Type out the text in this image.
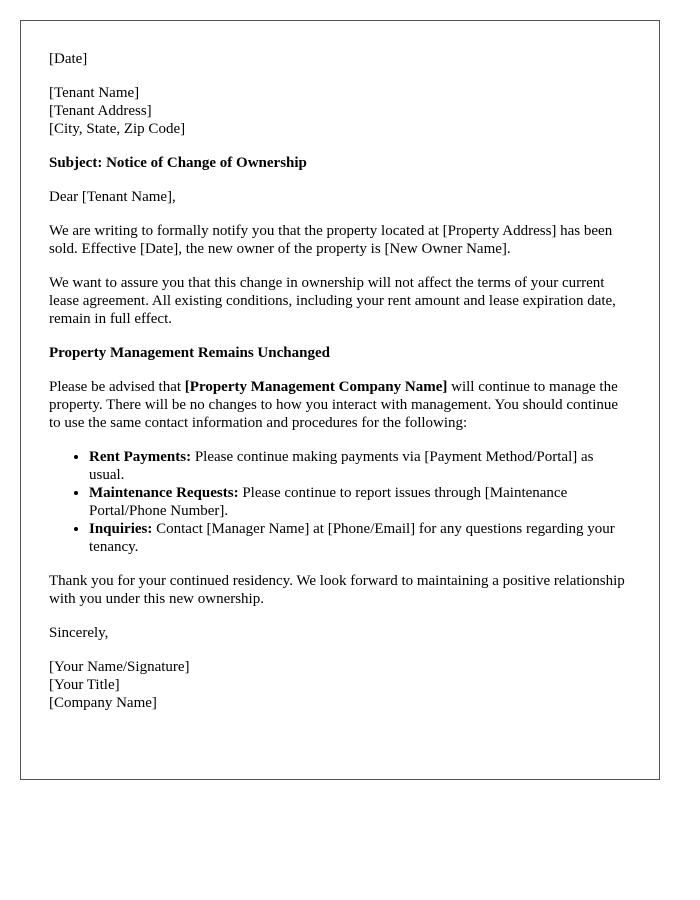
[Date]
[Tenant Name]
[Tenant Address]
[City, State, Zip Code]
Subject: Notice of Change of Ownership

Dear [Tenant Name],

We are writing to formally notify you that the property located at [Property Address] has been sold. Effective [Date], the new owner of the property is [New Owner Name].

We want to assure you that this change in ownership will not affect the terms of your current lease agreement. All existing conditions, including your rent amount and lease expiration date, remain in full effect.

Property Management Remains Unchanged

Please be advised that [Property Management Company Name] will continue to manage the property. There will be no changes to how you interact with management. You should continue to use the same contact information and procedures for the following:

• Rent Payments: Please continue making payments via [Payment Method/Portal] as usual.
• Maintenance Requests: Please continue to report issues through [Maintenance Portal/Phone Number].
• Inquiries: Contact [Manager Name] at [Phone/Email] for any questions regarding your tenancy.

Thank you for your continued residency. We look forward to maintaining a positive relationship with you under this new ownership.

Sincerely,

[Your Name/Signature]
[Your Title]
[Company Name]
